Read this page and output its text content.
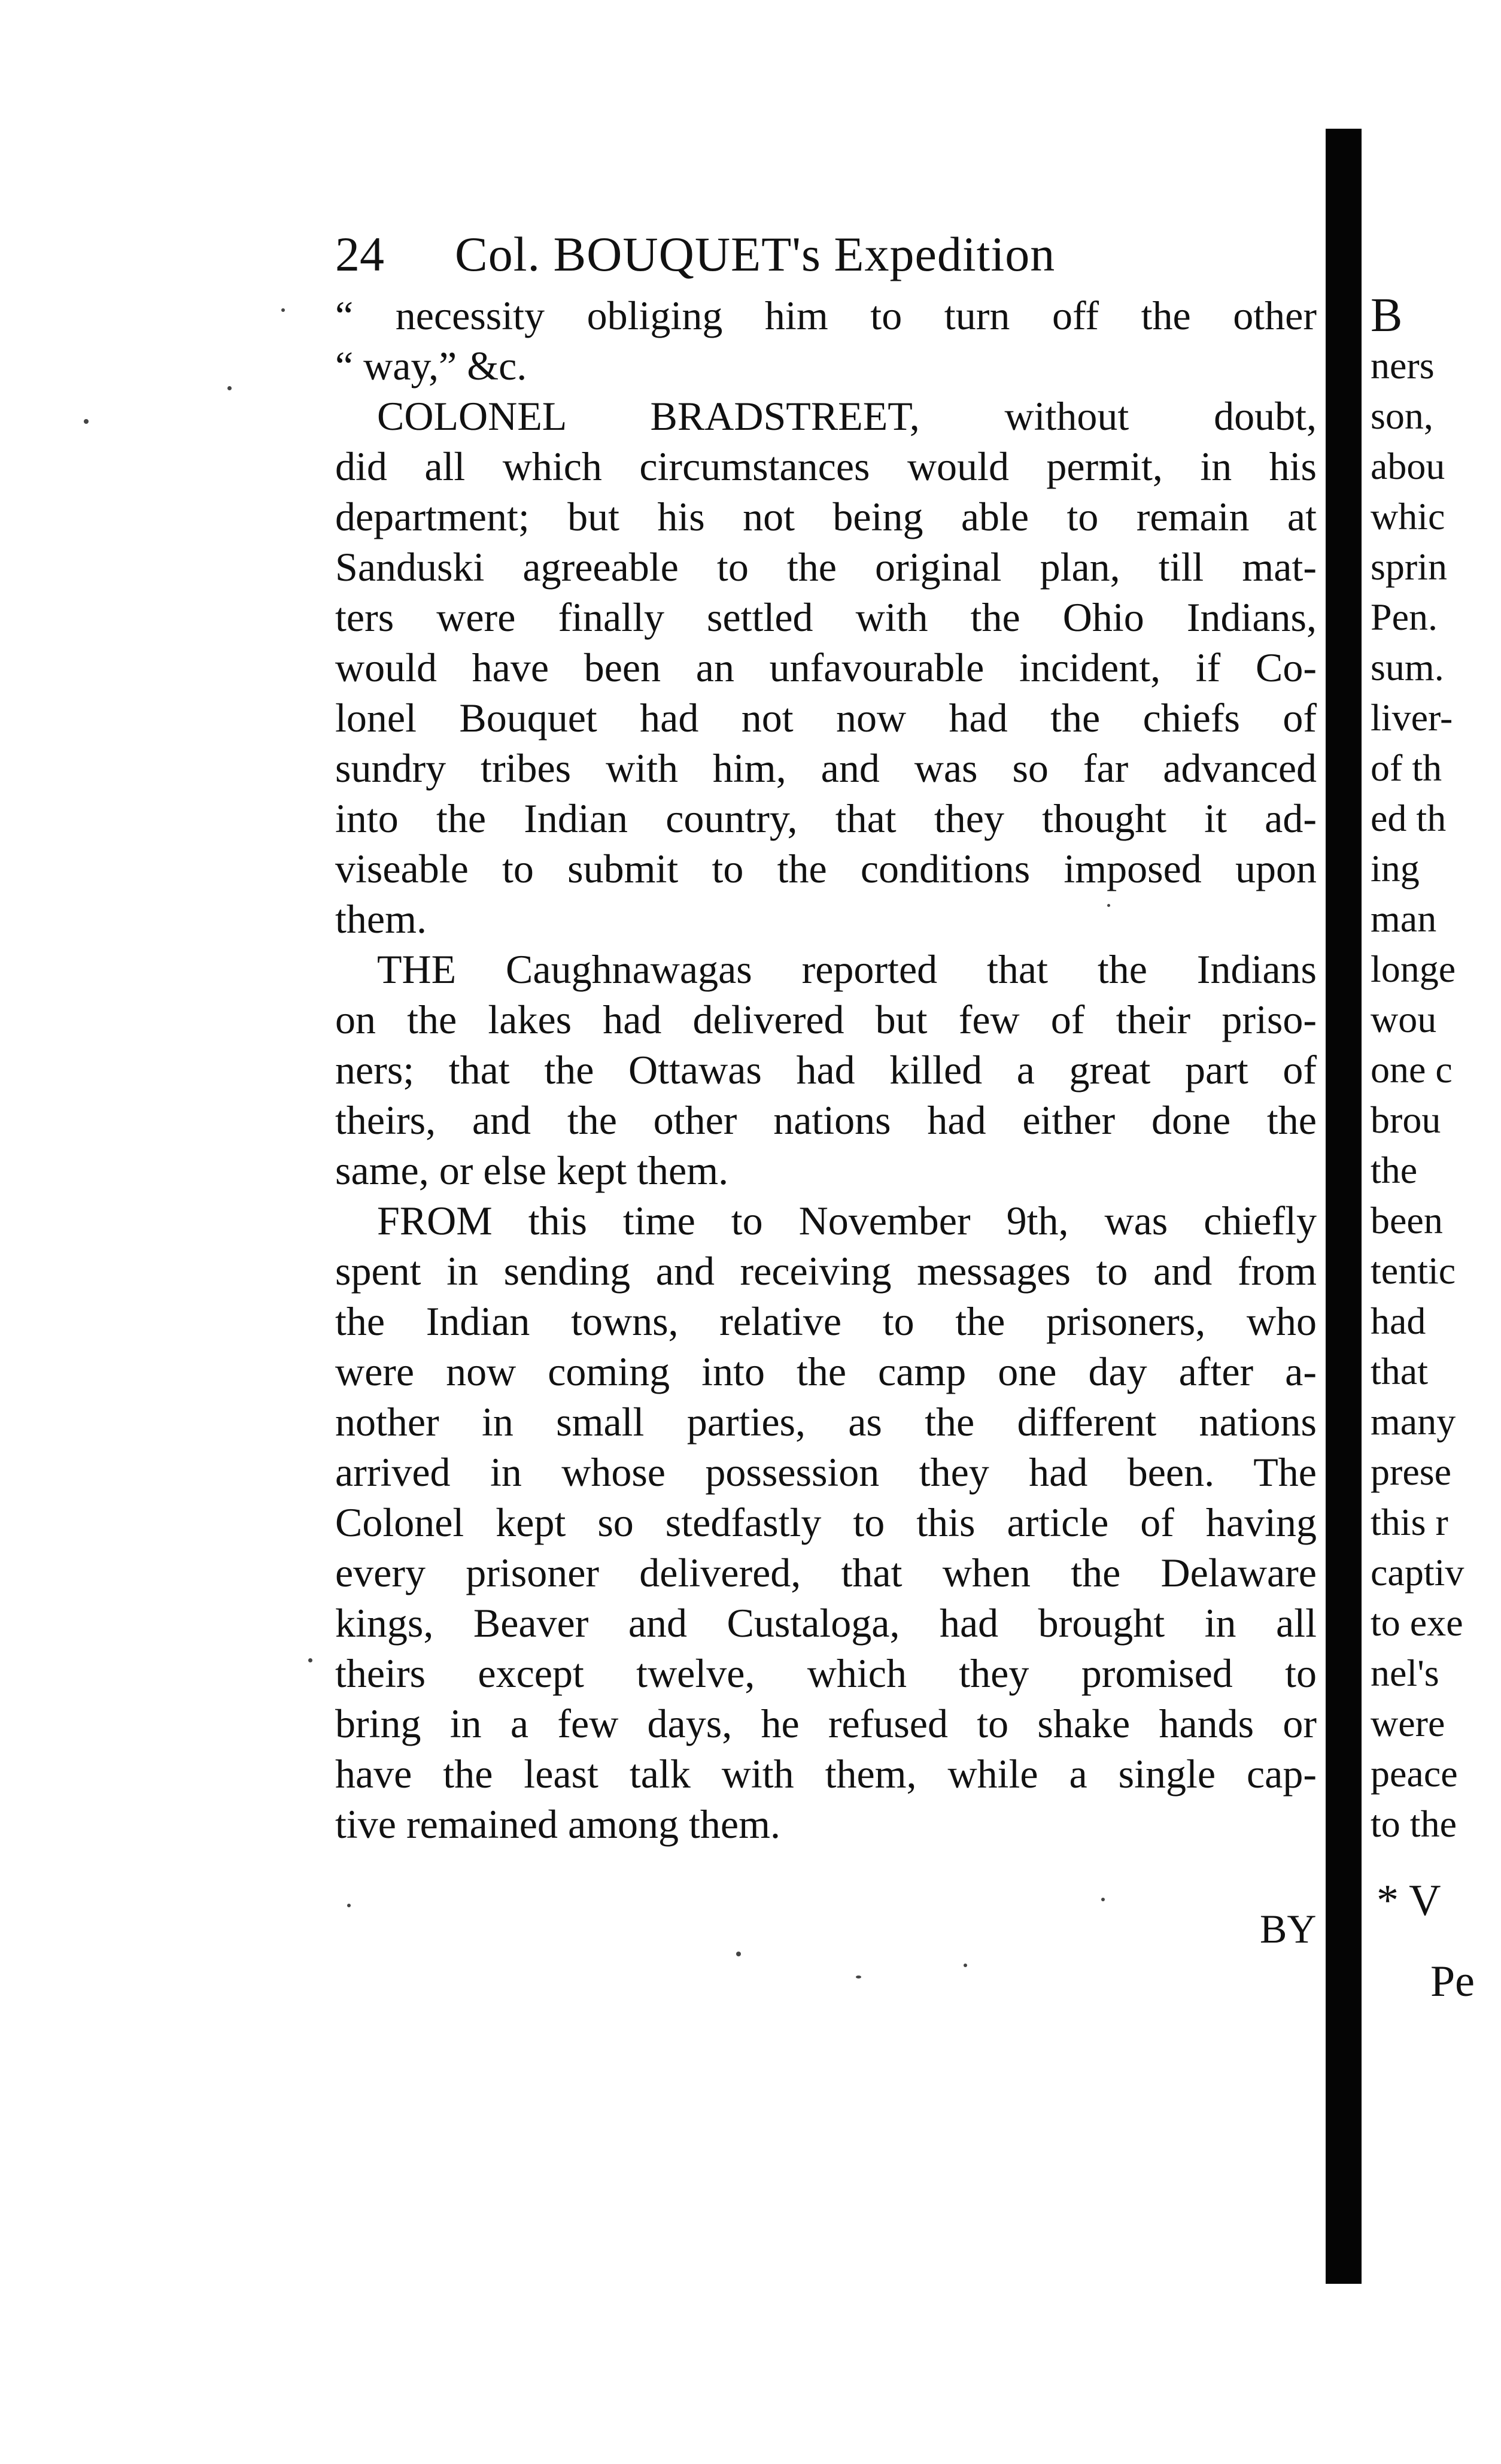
24 Col. BOUQUET's Expedition
“ necessity obliging him to turn off the other
“ way,” &c.
COLONEL BRADSTREET, without doubt,
did all which circumstances would permit, in his
department; but his not being able to remain at
Sanduski agreeable to the original plan, till mat-
ters were finally settled with the Ohio Indians,
would have been an unfavourable incident, if Co-
lonel Bouquet had not now had the chiefs of
sundry tribes with him, and was so far advanced
into the Indian country, that they thought it ad-
viseable to submit to the conditions imposed upon
them.
THE Caughnawagas reported that the Indians
on the lakes had delivered but few of their priso-
ners; that the Ottawas had killed a great part of
theirs, and the other nations had either done the
same, or else kept them.
FROM this time to November 9th, was chiefly
spent in sending and receiving messages to and from
the Indian towns, relative to the prisoners, who
were now coming into the camp one day after a-
nother in small parties, as the different nations
arrived in whose possession they had been. The
Colonel kept so stedfastly to this article of having
every prisoner delivered, that when the Delaware
kings, Beaver and Custaloga, had brought in all
theirs except twelve, which they promised to
bring in a few days, he refused to shake hands or
have the least talk with them, while a single cap-
tive remained among them.
BY
B
ners
son,
abou
whic
sprin
Pen.
sum.
liver-
of th
ed th
ing
man
longe
wou
one c
brou
the
been
tentic
had
that
many
prese
this r
captiv
to exe
nel's
were
peace
to the
* V
Pe
